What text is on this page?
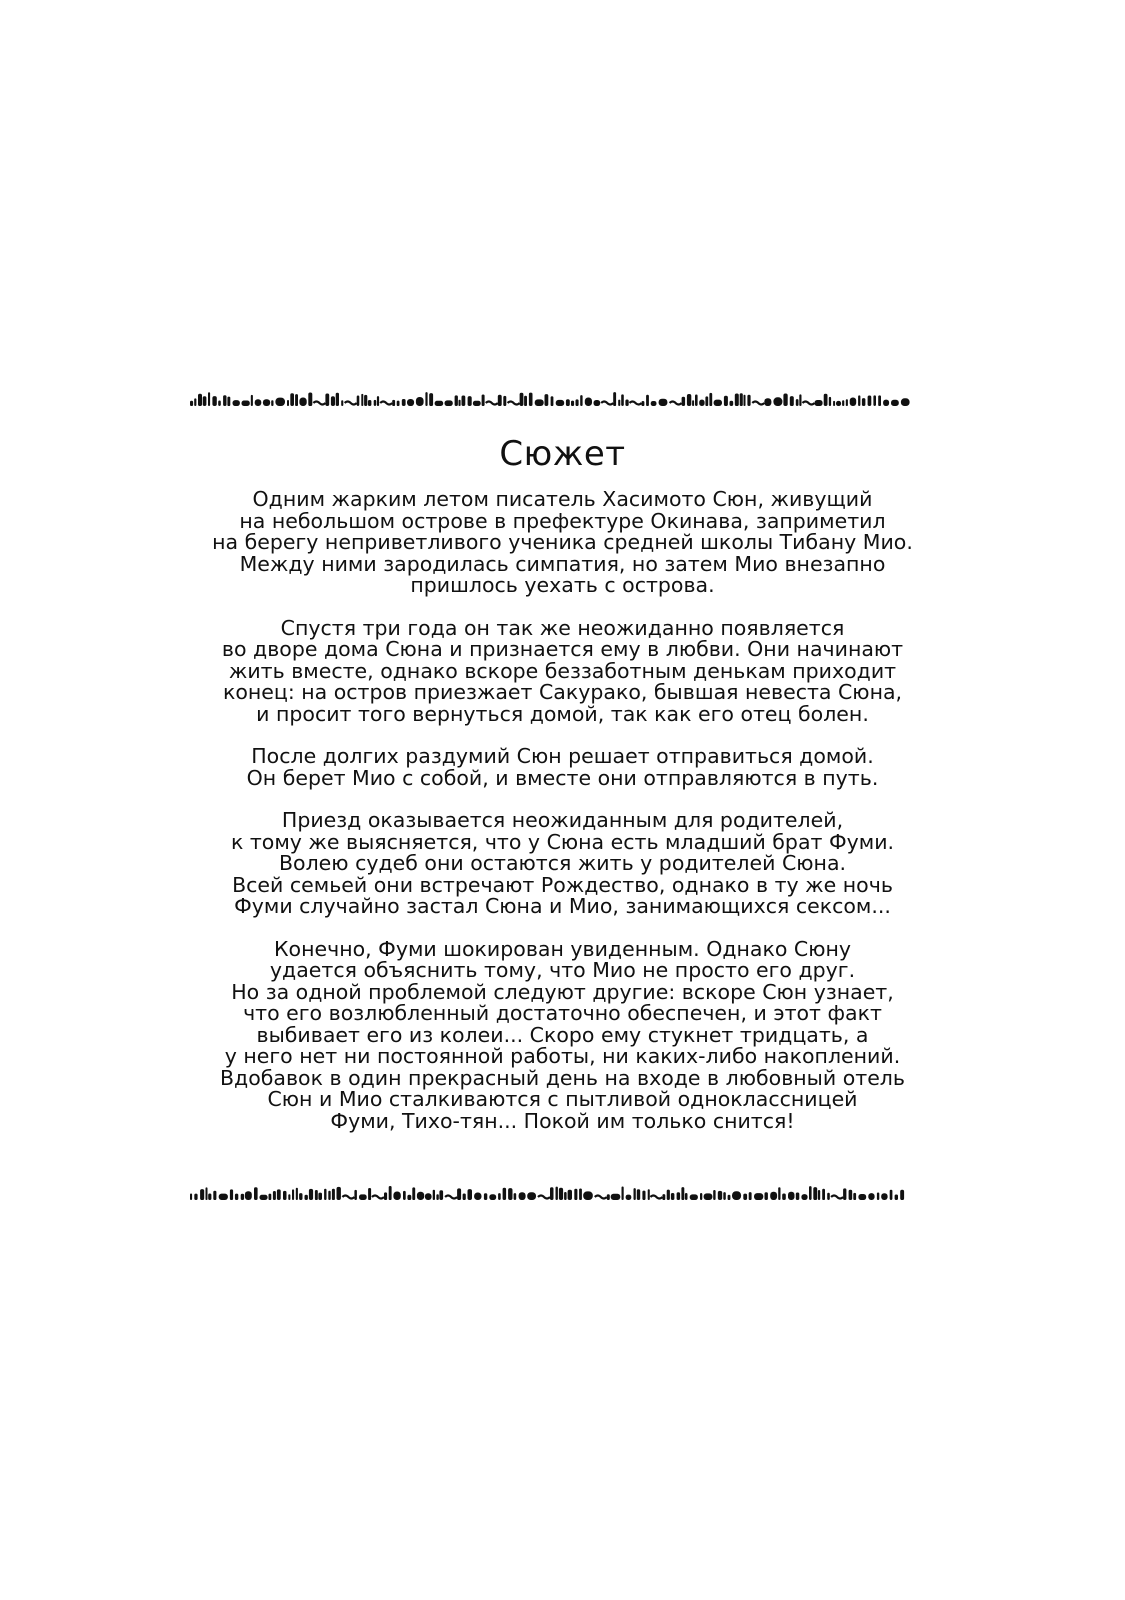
Сюжет
Одним жарким летом писатель Хасимото Сюн, живущий
на небольшом острове в префектуре Окинава, заприметил
на берегу неприветливого ученика средней школы Тибану Мио.
Между ними зародилась симпатия, но затем Мио внезапно
пришлось уехать с острова.
Спустя три года он так же неожиданно появляется
во дворе дома Сюна и признается ему в любви. Они начинают
жить вместе, однако вскоре беззаботным денькам приходит
конец: на остров приезжает Сакурако, бывшая невеста Сюна,
и просит того вернуться домой, так как его отец болен.
После долгих раздумий Сюн решает отправиться домой.
Он берет Мио с собой, и вместе они отправляются в путь.
Приезд оказывается неожиданным для родителей,
к тому же выясняется, что у Сюна есть младший брат Фуми.
Волею судеб они остаются жить у родителей Сюна.
Всей семьей они встречают Рождество, однако в ту же ночь
Фуми случайно застал Сюна и Мио, занимающихся сексом...
Конечно, Фуми шокирован увиденным. Однако Сюну
удается объяснить тому, что Мио не просто его друг.
Но за одной проблемой следуют другие: вскоре Сюн узнает,
что его возлюбленный достаточно обеспечен, и этот факт
выбивает его из колеи... Скоро ему стукнет тридцать, а
у него нет ни постоянной работы, ни каких-либо накоплений.
Вдобавок в один прекрасный день на входе в любовный отель
Сюн и Мио сталкиваются с пытливой одноклассницей
Фуми, Тихо-тян... Покой им только снится!
